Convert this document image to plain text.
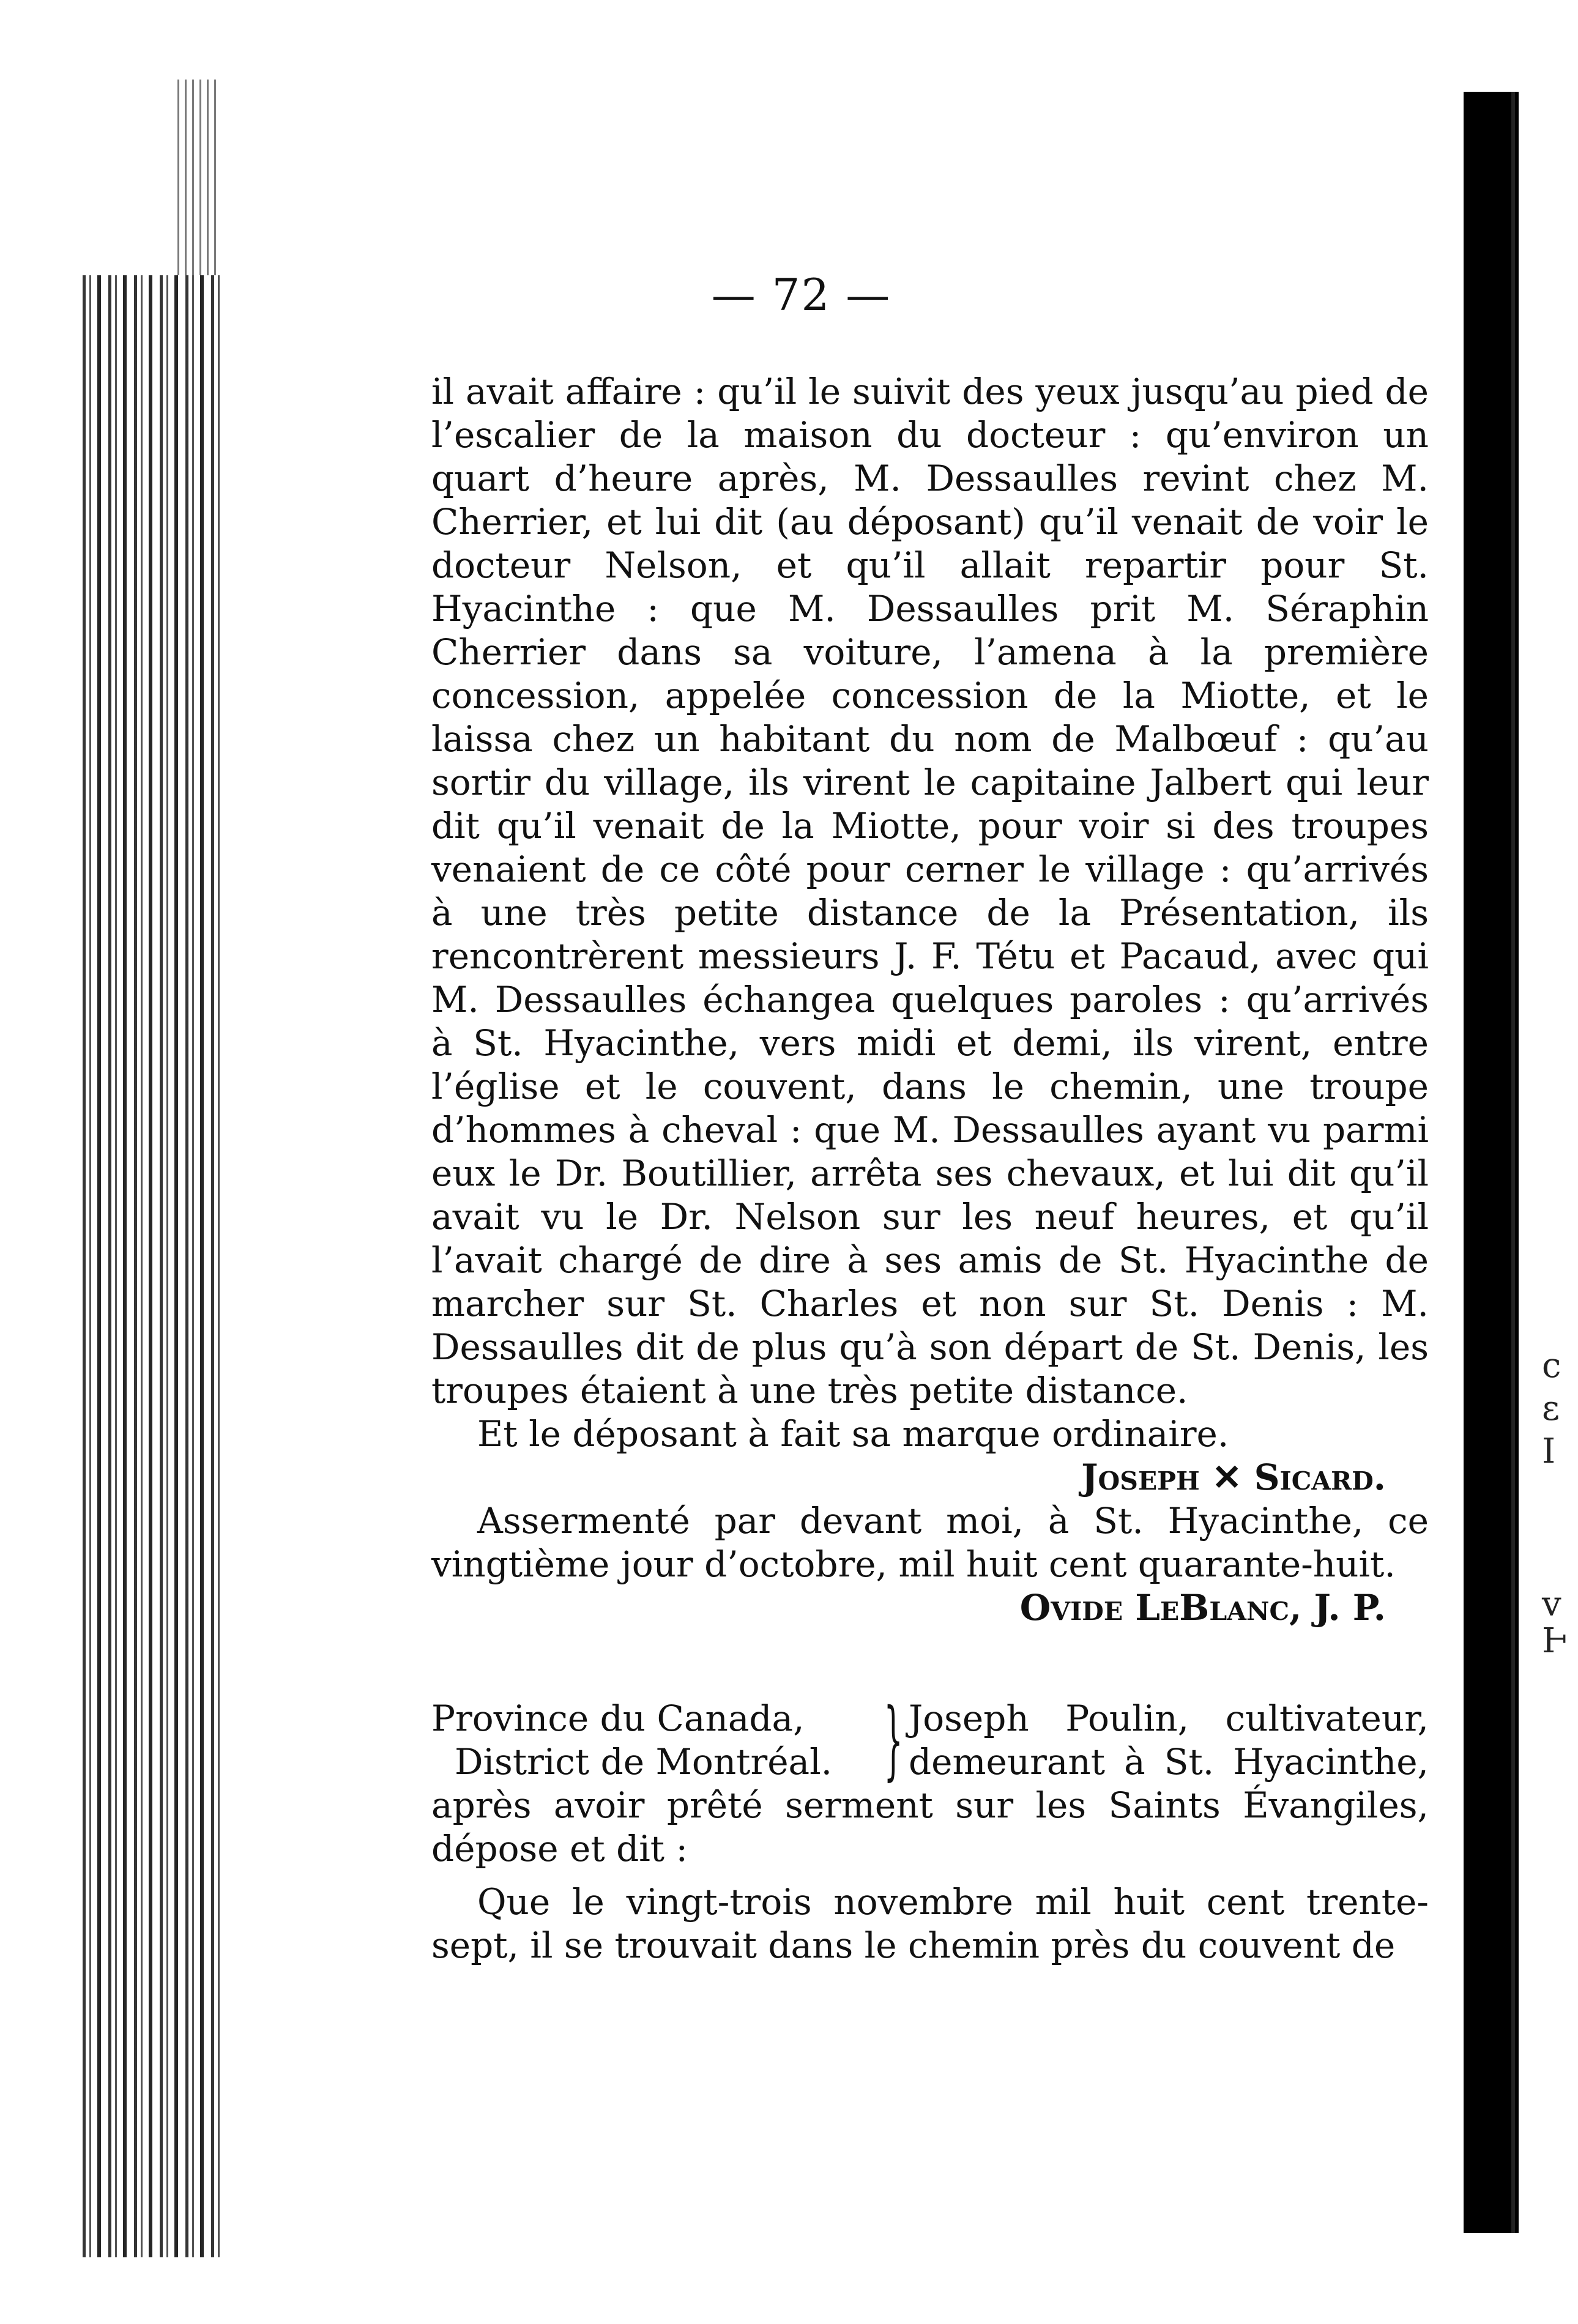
c
ɛ
I
v
Ⱶ
— 72 —

il avait affaire : qu’il le suivit des yeux jusqu’au pied de l’escalier de la maison du docteur : qu’environ un quart d’heure après, M. Dessaulles revint chez M. Cherrier, et lui dit (au déposant) qu’il venait de voir le docteur Nelson, et qu’il allait repartir pour St. Hyacinthe : que M. Dessaulles prit M. Séraphin Cherrier dans sa voiture, l’amena à la première concession, appelée concession de la Miotte, et le laissa chez un habitant du nom de Malbœuf : qu’au sortir du village, ils virent le capitaine Jalbert qui leur dit qu’il venait de la Miotte, pour voir si des troupes venaient de ce côté pour cerner le village : qu’arrivés à une très petite distance de la Présentation, ils rencontrèrent messieurs J. F. Tétu et Pacaud, avec qui M. Dessaulles échangea quelques paroles : qu’arrivés à St. Hyacinthe, vers midi et demi, ils virent, entre l’église et le couvent, dans le chemin, une troupe d’hommes à cheval : que M. Dessaulles ayant vu parmi eux le Dr. Boutillier, arrêta ses chevaux, et lui dit qu’il avait vu le Dr. Nelson sur les neuf heures, et qu’il l’avait chargé de dire à ses amis de St. Hyacinthe de marcher sur St. Charles et non sur St. Denis : M. Dessaulles dit de plus qu’à son départ de St. Denis, les troupes étaient à une très petite distance.

Et le déposant à fait sa marque ordinaire.

Joseph ✕ Sicard.

Assermenté par devant moi, à St. Hyacinthe, ce vingtième jour d’octobre, mil huit cent quarante-huit.

Ovide LeBlanc, J. P.

Province du Canada,
District de Montréal. } Joseph Poulin, cultivateur,
demeurant à St. Hyacinthe,

après avoir prêté serment sur les Saints Évangiles, dépose et dit :

Que le vingt-trois novembre mil huit cent trente-sept, il se trouvait dans le chemin près du couvent de
